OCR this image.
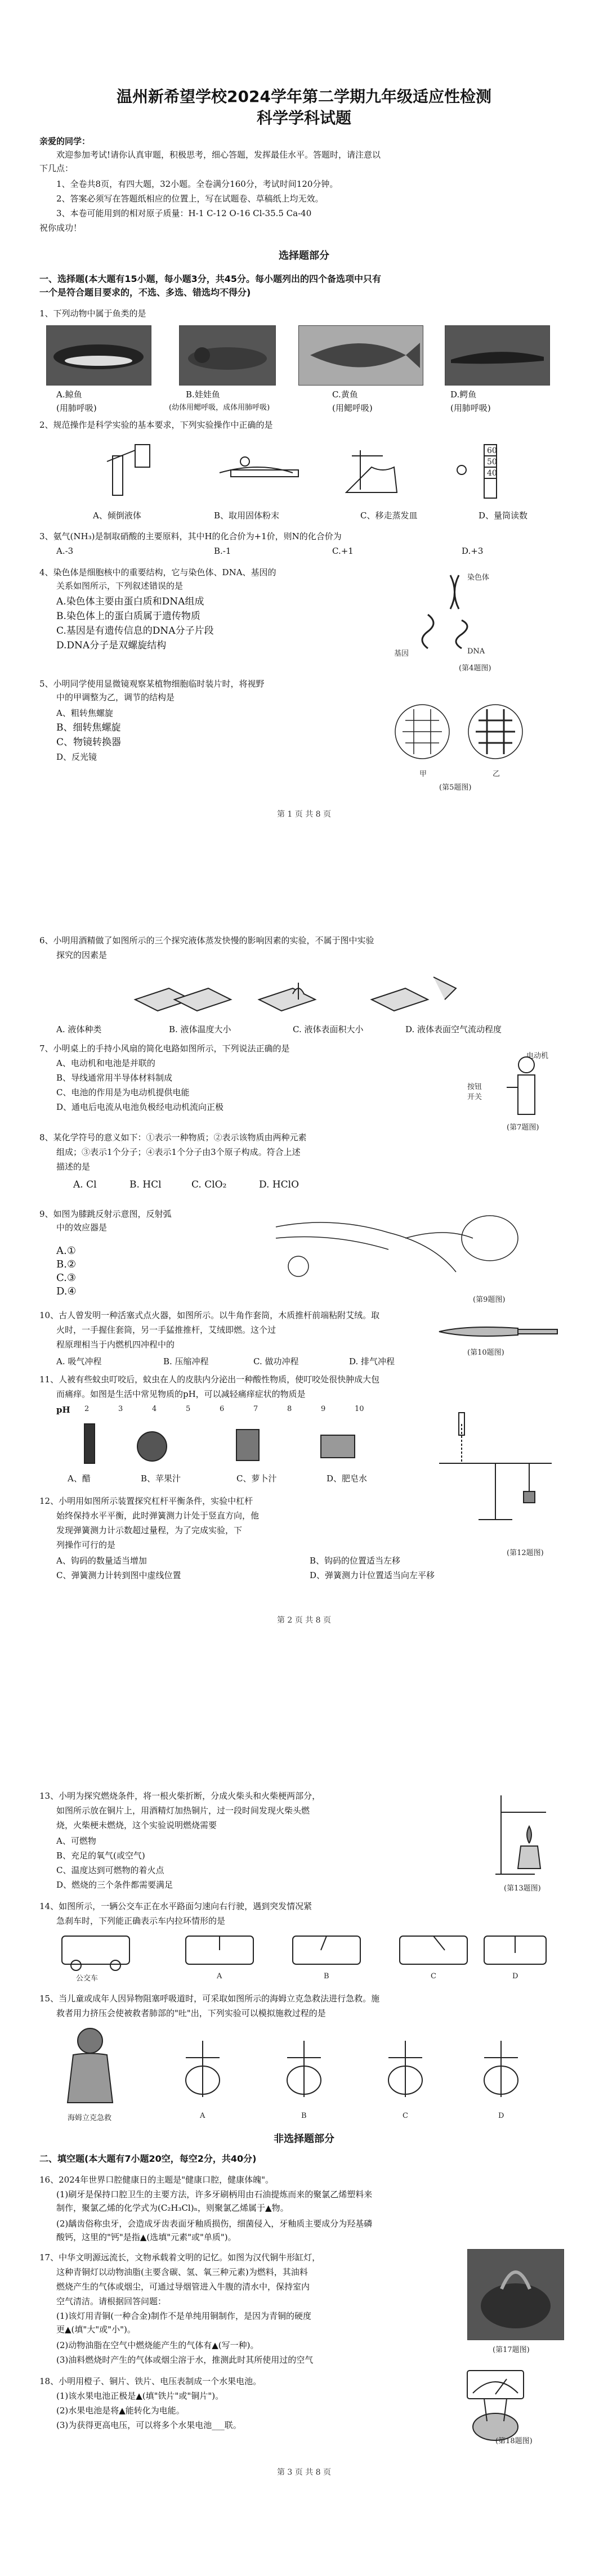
温州新希望学校2024学年第二学期九年级适应性检测
科学学科试题
亲爱的同学：
欢迎参加考试!请你认真审题，积极思考，细心答题，发挥最佳水平。答题时，请注意以
下几点：
1、全卷共8页，有四大题，32小题。全卷满分160分，考试时间120分钟。
2、答案必须写在答题纸相应的位置上，写在试题卷、草稿纸上均无效。
3、本卷可能用到的相对原子质量：H-1 C-12 O-16 Cl-35.5 Ca-40
祝你成功！
选择题部分
一、选择题(本大题有15小题，每小题3分，共45分。每小题列出的四个备选项中只有
一个是符合题目要求的，不选、多选、错选均不得分)
1、下列动物中属于鱼类的是
A.鲸鱼	B.娃娃鱼	C.黄鱼	D.鳄鱼
(用肺呼吸)	(幼体用鳃呼吸，成体用肺呼吸)	(用鳃呼吸)	(用肺呼吸)
2、规范操作是科学实验的基本要求，下列实验操作中正确的是
60
50
40
A、倾倒液体	B、取用固体粉末	C、移走蒸发皿	D、量筒读数
3、氨气(NH₃)是制取硝酸的主要原料，其中H的化合价为+1价，则N的化合价为
A.-3	B.-1	C.+1	D.+3
4、染色体是细胞核中的重要结构，它与染色体、DNA、基因的
关系如图所示，下列叙述错误的是
A.染色体主要由蛋白质和DNA组成
B.染色体上的蛋白质属于遗传物质
C.基因是有遗传信息的DNA分子片段
D.DNA分子是双螺旋结构
染色体
基因	DNA
(第4题图)
5、小明同学使用显微镜观察某植物细胞临时装片时，将视野
中的甲调整为乙，调节的结构是
A、粗转焦螺旋
B、细转焦螺旋
C、物镜转换器
D、反光镜
甲	乙
(第5题图)
第 1 页 共 8 页
6、小明用酒精做了如图所示的三个探究液体蒸发快慢的影响因素的实验，不属于图中实验
探究的因素是
A. 液体种类	B. 液体温度大小	C. 液体表面积大小	D. 液体表面空气流动程度
7、小明桌上的手持小风扇的简化电路如图所示，下列说法正确的是
A、电动机和电池是并联的
B、导线通常用半导体材料制成
C、电池的作用是为电动机提供电能
D、通电后电流从电池负极经电动机流向正极
电动机
按钮
开关
(第7题图)
8、某化学符号的意义如下：①表示一种物质；②表示该物质由两种元素
组成；③表示1个分子；④表示1个分子由3个原子构成。符合上述
描述的是
A. Cl	B. HCl	C. ClO₂	D. HClO
9、如图为膝跳反射示意图，反射弧
中的效应器是
A.①
B.②
C.③
D.④
(第9题图)
10、古人曾发明一种活塞式点火器，如图所示。以牛角作套筒，木质推杆前端粘附艾绒。取
火时，一手握住套筒，另一手猛推推杆，艾绒即燃。这个过
程原理相当于内燃机四冲程中的
(第10题图)
A. 吸气冲程	B. 压缩冲程	C. 做功冲程	D. 排气冲程
11、人被有些蚊虫叮咬后，蚊虫在人的皮肤内分泌出一种酸性物质，使叮咬处很快肿成大包
而痛痒。如图是生活中常见物质的pH，可以减轻痛痒症状的物质是
pH
A、醋	B、苹果汁	C、萝卜汁	D、肥皂水
12、小明用如图所示装置探究杠杆平衡条件，实验中杠杆
始终保持水平平衡，此时弹簧测力计处于竖直方向，他
发现弹簧测力计示数超过量程，为了完成实验，下
列操作可行的是
A、钩码的数量适当增加	B、钩码的位置适当左移
C、弹簧测力计转到图中虚线位置	D、弹簧测力计位置适当向左平移
(第12题图)
第 2 页 共 8 页
2	3	4	5	6	7	8	9	10
13、小明为探究燃烧条件，将一根火柴折断，分成火柴头和火柴梗两部分，
如图所示放在铜片上，用酒精灯加热铜片，过一段时间发现火柴头燃
烧，火柴梗未燃烧，这个实验说明燃烧需要
A、可燃物
B、充足的氧气(或空气)
C、温度达到可燃物的着火点
D、燃烧的三个条件都需要满足	(第13题图)
14、如图所示，一辆公交车正在水平路面匀速向右行驶，遇到突发情况紧
急刹车时，下列能正确表示车内拉环情形的是
公交车	A	B	C	D
15、当儿童或成年人因异物阻塞呼吸道时，可采取如图所示的海姆立克急救法进行急救。施
救者用力挤压会使被救者肺部的"吐"出，下列实验可以模拟施救过程的是
海姆立克急救	A	B	C	D
非选择题部分
二、填空题(本大题有7小题20空，每空2分，共40分)
16、2024年世界口腔健康日的主题是"健康口腔，健康体魄"。
(1)刷牙是保持口腔卫生的主要方法，许多牙刷柄用由石油提炼而来的聚氯乙烯塑料来
制作，聚氯乙烯的化学式为(C₂H₃Cl)ₙ，则聚氯乙烯属于▲物。
(2)龋齿俗称虫牙，会造成牙齿表面牙釉质损伤，细菌侵入，牙釉质主要成分为羟基磷
酸钙，这里的"钙"是指▲(选填"元素"或"单质")。
17、中华文明源远流长，文物承载着文明的记忆。如图为汉代铜牛形缸灯，
这种青铜灯以动物油脂(主要含碳、氢、氧三种元素)为燃料，其油料
燃烧产生的气体或烟尘，可通过导烟管进入牛腹的清水中，保持室内
空气清洁。请根据回答问题：
(1)该灯用青铜(一种合金)制作不是单纯用铜制作，是因为青铜的硬度
更▲(填"大"或"小")。
(2)动物油脂在空气中燃烧能产生的气体有▲(写一种)。
(3)油料燃烧时产生的气体或烟尘溶于水，推测此时其所使用过的空气
(第17题图)
18、小明用橙子、铜片、铁片、电压表制成一个水果电池。
(1)该水果电池正极是▲(填"铁片"或"铜片")。
(2)水果电池是将▲能转化为电能。
(3)为获得更高电压，可以将多个水果电池___联。
(第18题图)
第 3 页 共 8 页
